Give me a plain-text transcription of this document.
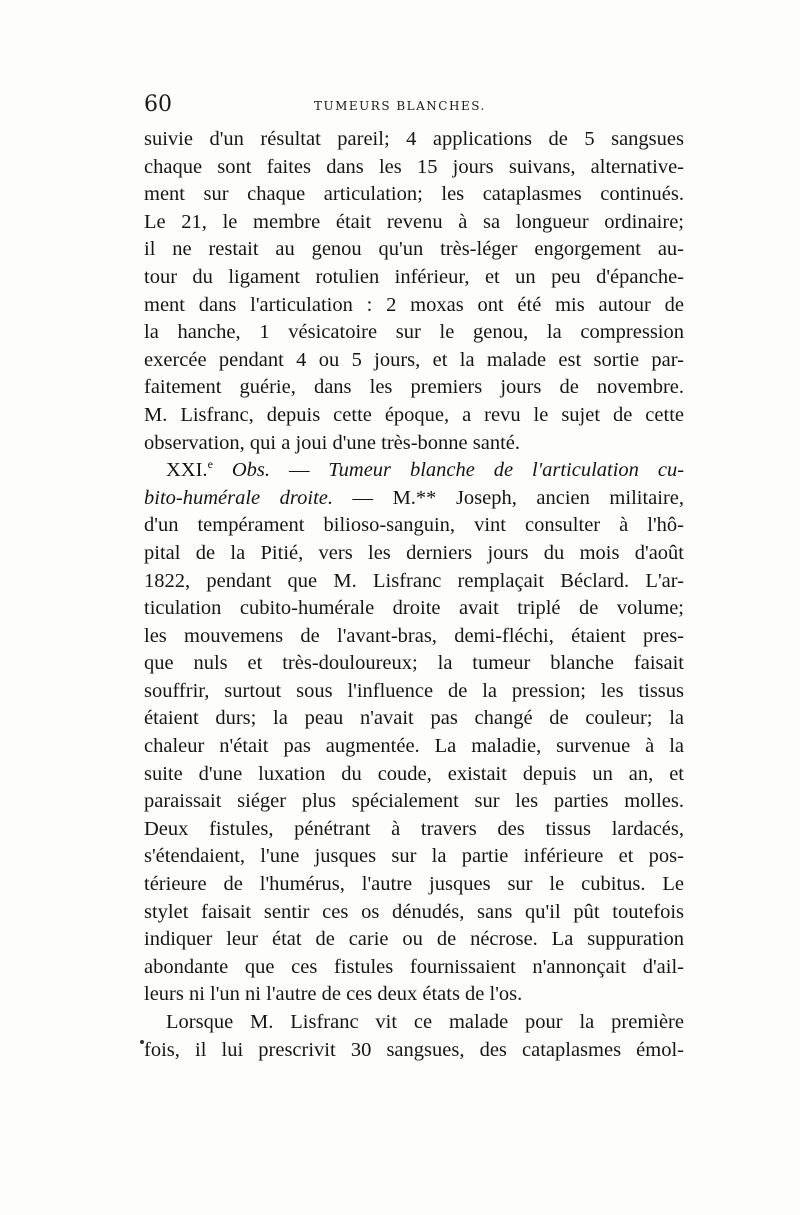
60	TUMEURS BLANCHES.
suivie d'un résultat pareil; 4 applications de 5 sangsues
chaque sont faites dans les 15 jours suivans, alternative-
ment sur chaque articulation; les cataplasmes continués.
Le 21, le membre était revenu à sa longueur ordinaire;
il ne restait au genou qu'un très-léger engorgement au-
tour du ligament rotulien inférieur, et un peu d'épanche-
ment dans l'articulation : 2 moxas ont été mis autour de
la hanche, 1 vésicatoire sur le genou, la compression
exercée pendant 4 ou 5 jours, et la malade est sortie par-
faitement guérie, dans les premiers jours de novembre.
M. Lisfranc, depuis cette époque, a revu le sujet de cette
observation, qui a joui d'une très-bonne santé.
XXI.$^e$ Obs. — Tumeur blanche de l'articulation cu-
bito-humérale droite. — M.** Joseph, ancien militaire,
d'un tempérament bilioso-sanguin, vint consulter à l'hô-
pital de la Pitié, vers les derniers jours du mois d'août
1822, pendant que M. Lisfranc remplaçait Béclard. L'ar-
ticulation cubito-humérale droite avait triplé de volume;
les mouvemens de l'avant-bras, demi-fléchi, étaient pres-
que nuls et très-douloureux; la tumeur blanche faisait
souffrir, surtout sous l'influence de la pression; les tissus
étaient durs; la peau n'avait pas changé de couleur; la
chaleur n'était pas augmentée. La maladie, survenue à la
suite d'une luxation du coude, existait depuis un an, et
paraissait siéger plus spécialement sur les parties molles.
Deux fistules, pénétrant à travers des tissus lardacés,
s'étendaient, l'une jusques sur la partie inférieure et pos-
térieure de l'humérus, l'autre jusques sur le cubitus. Le
stylet faisait sentir ces os dénudés, sans qu'il pût toutefois
indiquer leur état de carie ou de nécrose. La suppuration
abondante que ces fistules fournissaient n'annonçait d'ail-
leurs ni l'un ni l'autre de ces deux états de l'os.
Lorsque M. Lisfranc vit ce malade pour la première
fois, il lui prescrivit 30 sangsues, des cataplasmes émol-
